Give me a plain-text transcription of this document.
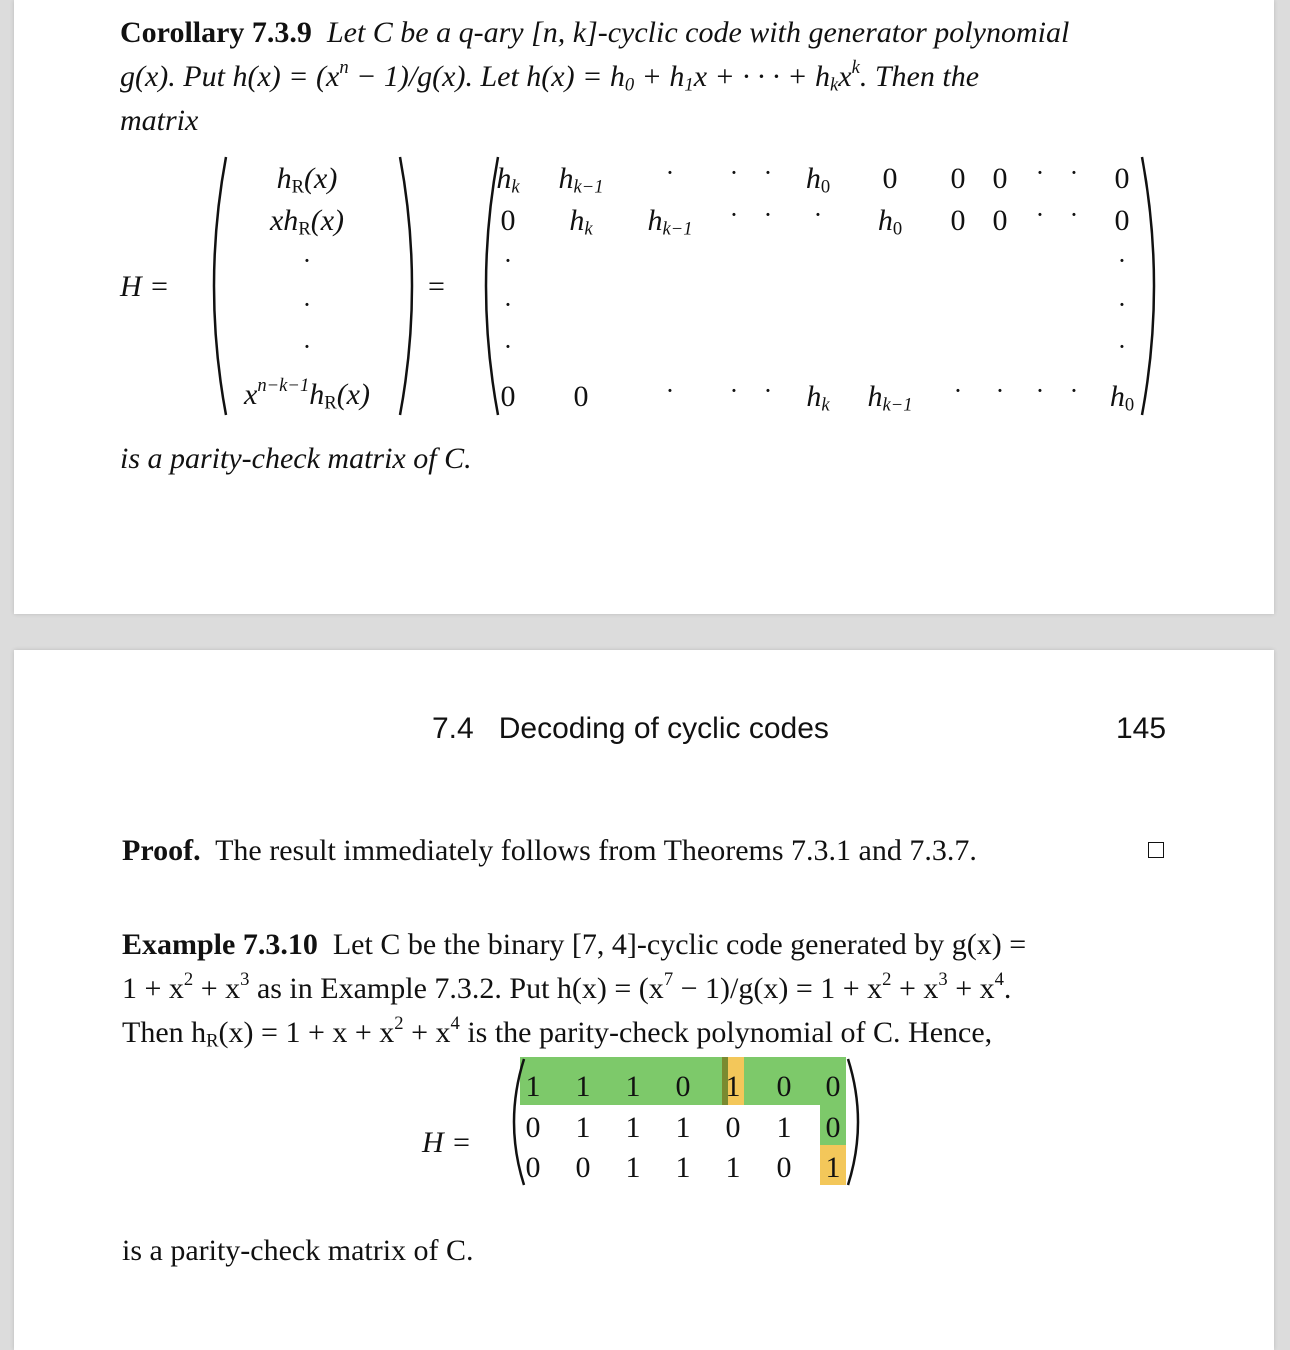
Corollary 7.3.9 Let C be a q-ary [n, k]-cyclic code with generator polynomial
g(x). Put $h(x) = (x^n - 1)/g(x)$. Let $h(x) = h_0 + h_1x$ + · · · + $h_kx^k$. Then the
matrix
H =
$h_R(x)$
$xh_R(x)$
·
·
·
$x^{n-k-1}h_R(x)$
=
$h_k$ $h_{k-1}$
· · · $h_0$ 0 0 0 · · 0
0 $h_k$ $h_{k-1}$
· · · $h_0$ 0 0 · · 0
·
·
·
·
·
·
0 0	· · · $h_k$ $h_{k-1}$
· · · · $h_0$
is a parity-check matrix of C.
7.4 Decoding of cyclic codes	145
Proof. The result immediately follows from Theorems 7.3.1 and 7.3.7.
Example 7.3.10 Let C be the binary [7, 4]-cyclic code generated by g(x) =
$1 + x^2 + x^3$ as in Example 7.3.2. Put $h(x) = (x^7 - 1)/g(x) = 1 + x^2 + x^3 + x^4$.
Then $h_R(x) = 1 + x + x^2 + x^4$ is the parity-check polynomial of C. Hence,
H =
1 1 1 0 1 0 0
0 1 1 1 0 1 0
0 0 1 1 1 0 1
is a parity-check matrix of C.
